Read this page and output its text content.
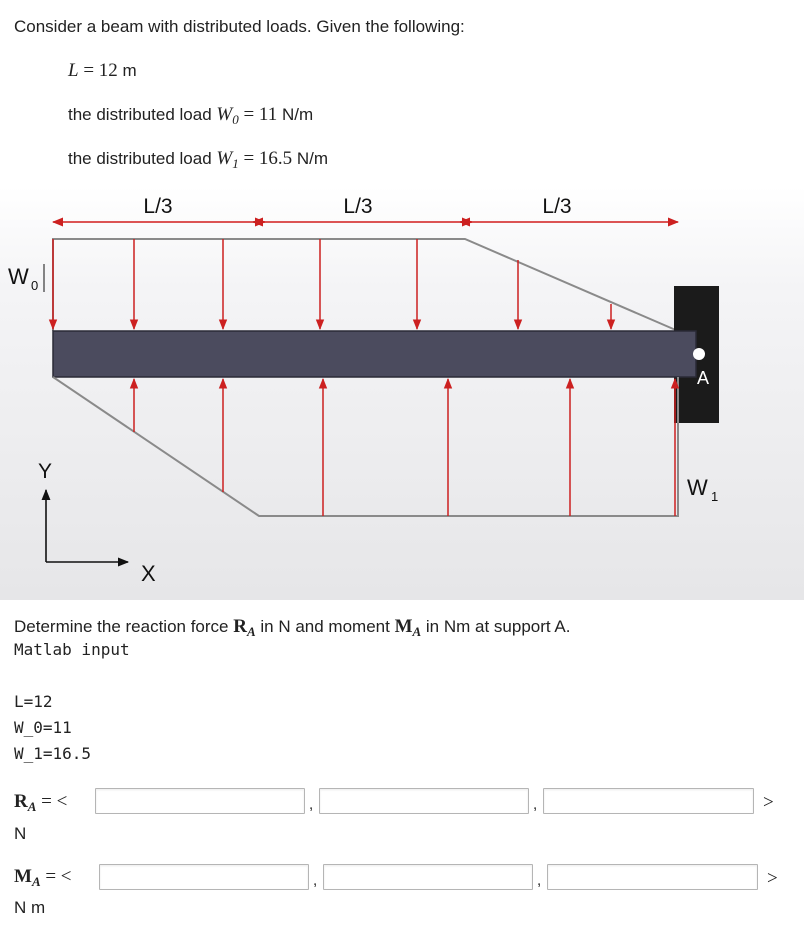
Consider a beam with distributed loads. Given the following:
L = 12 m
the distributed load $W_0 = 11$ N/m
the distributed load $W_1 = 16.5$ N/m
L/3	L/3	L/3
W 0
A
W 1
Y
X
Determine the reaction force $R_A$ in N and moment $M_A$ in Nm at support A.
Matlab input
L=12
W_0=11
W_1=16.5
$R_A$ = <	,	,	>
N
$M_A$ = <	,	,	>
N m
